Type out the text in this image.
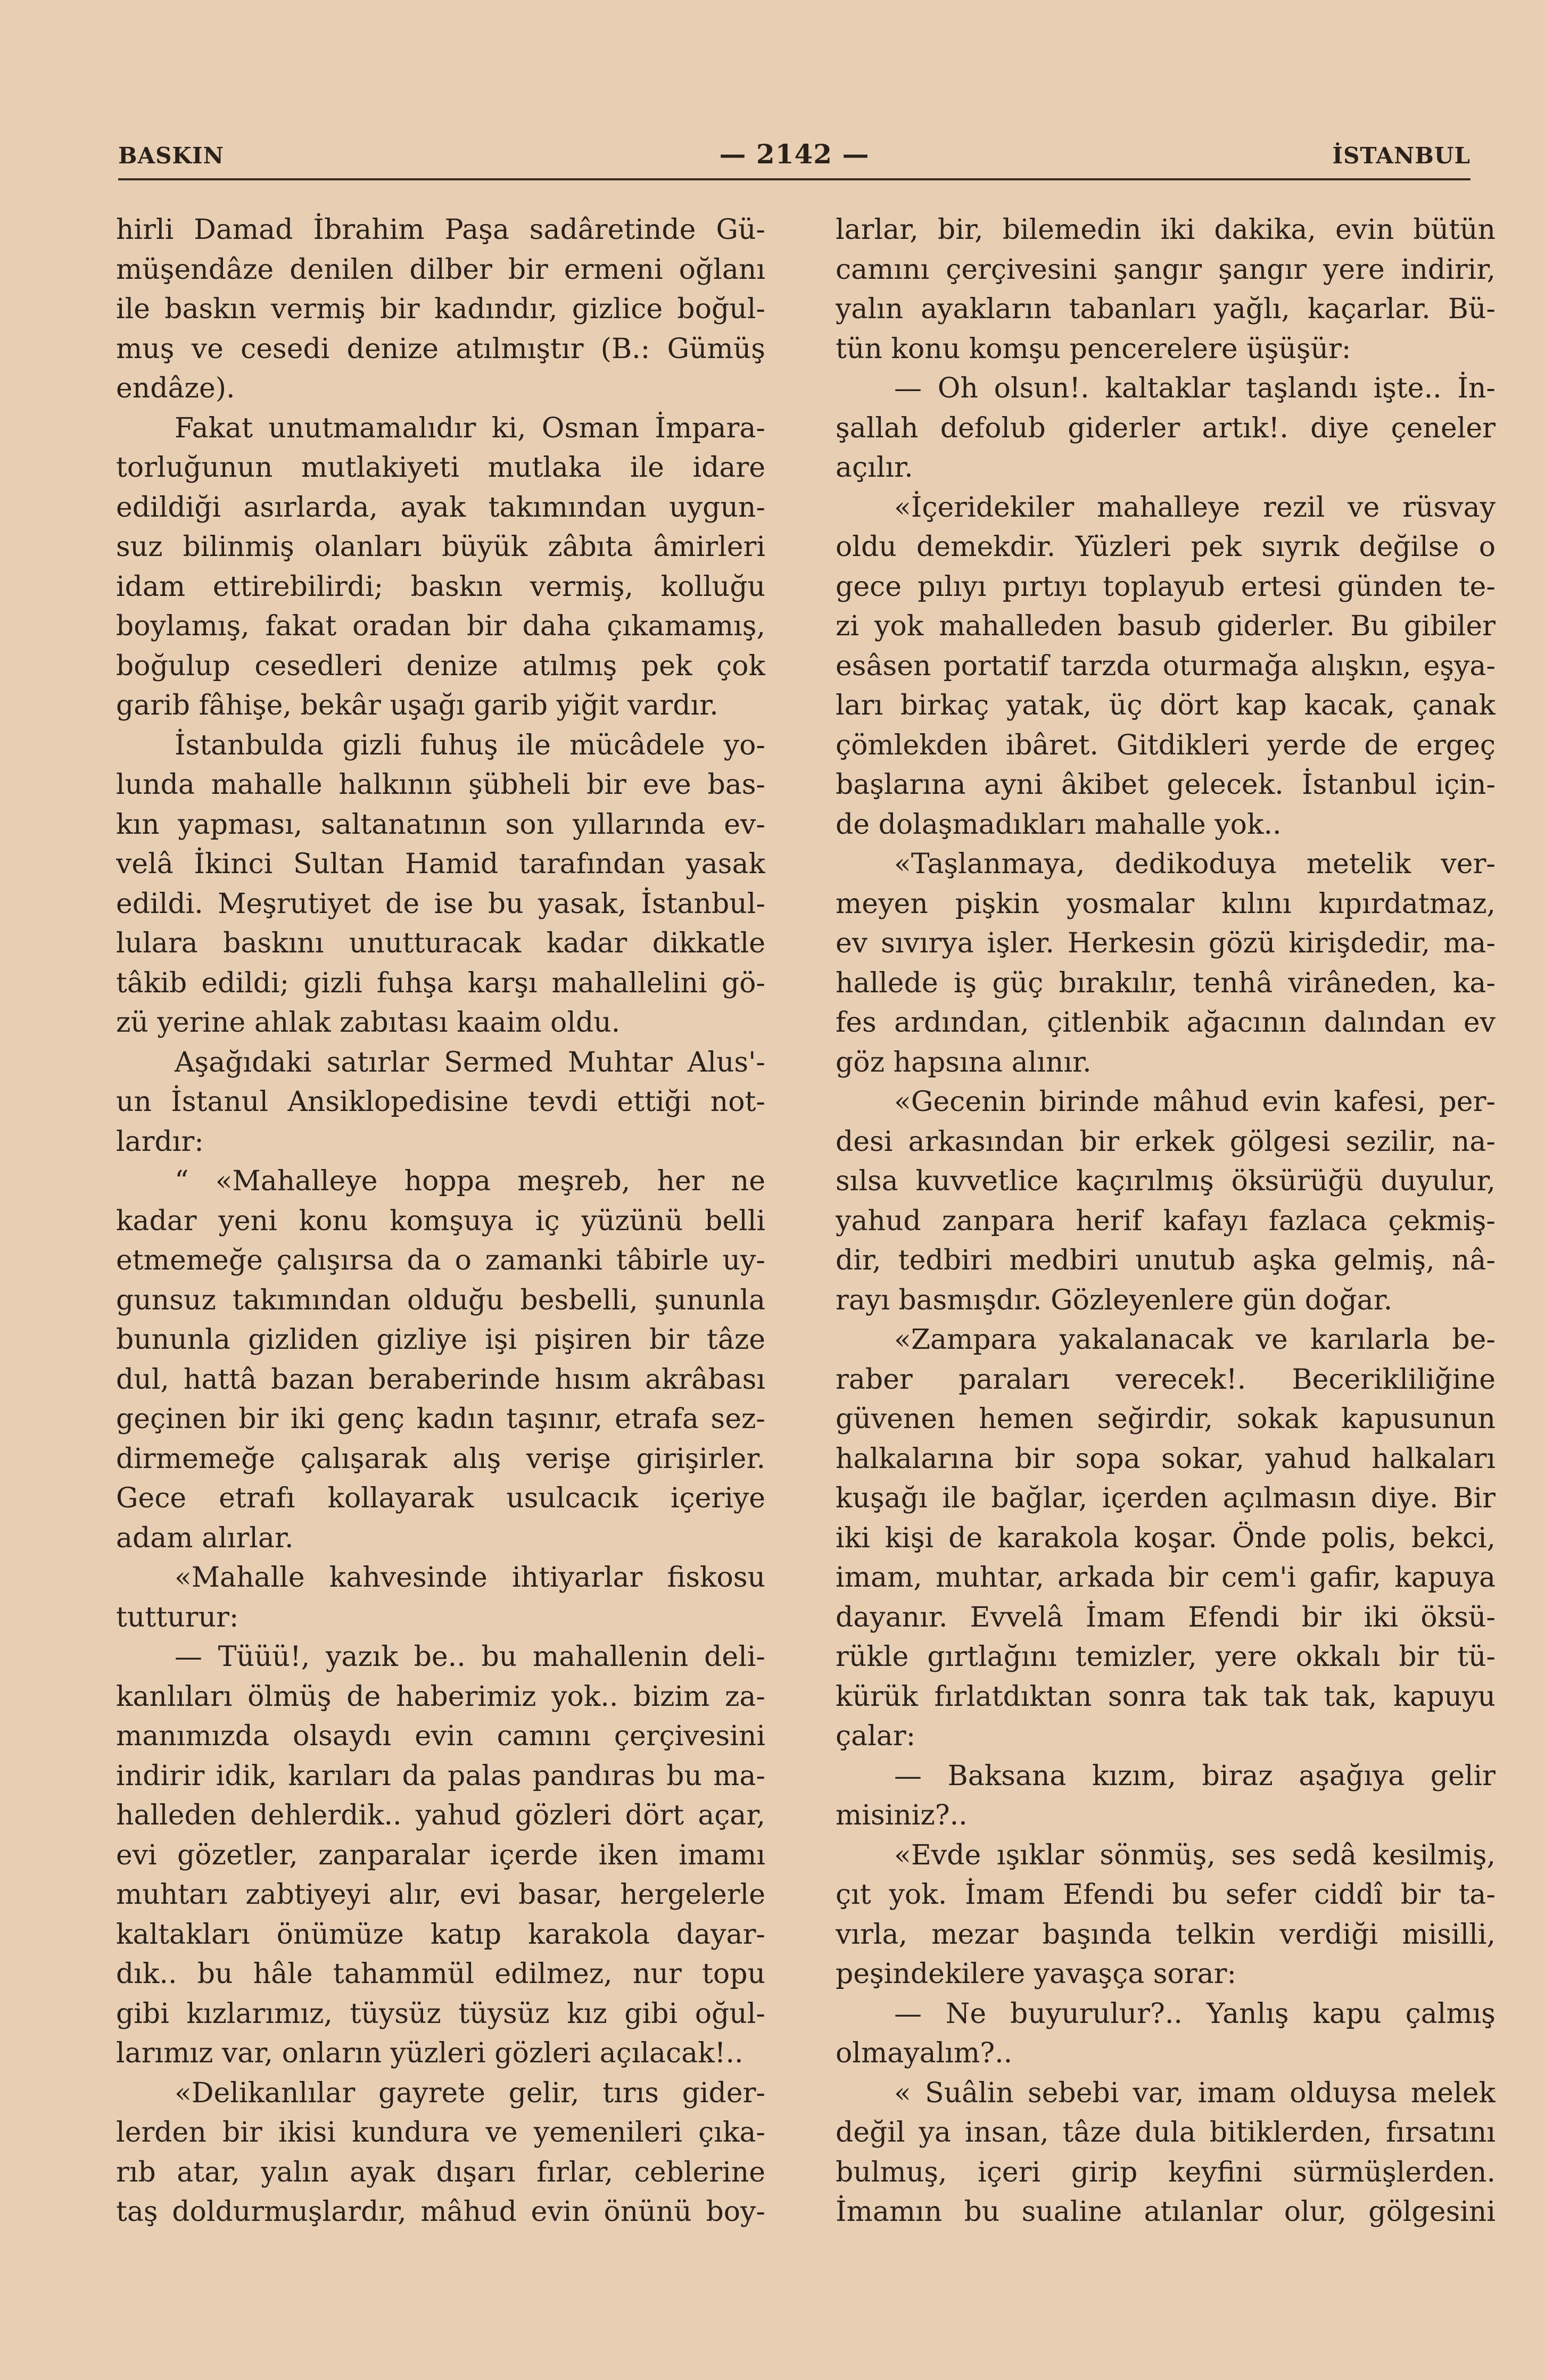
BASKIN	— 2142 —	İSTANBUL
hirli Damad İbrahim Paşa sadâretinde Gü-
müşendâze denilen dilber bir ermeni oğlanı
ile baskın vermiş bir kadındır, gizlice boğul-
muş ve cesedi denize atılmıştır (B.: Gümüş
endâze).
Fakat unutmamalıdır ki, Osman İmpara-
torluğunun mutlakiyeti mutlaka ile idare
edildiği asırlarda, ayak takımından uygun-
suz bilinmiş olanları büyük zâbıta âmirleri
idam ettirebilirdi; baskın vermiş, kolluğu
boylamış, fakat oradan bir daha çıkamamış,
boğulup cesedleri denize atılmış pek çok
garib fâhişe, bekâr uşağı garib yiğit vardır.
İstanbulda gizli fuhuş ile mücâdele yo-
lunda mahalle halkının şübheli bir eve bas-
kın yapması, saltanatının son yıllarında ev-
velâ İkinci Sultan Hamid tarafından yasak
edildi. Meşrutiyet de ise bu yasak, İstanbul-
lulara baskını unutturacak kadar dikkatle
tâkib edildi; gizli fuhşa karşı mahallelini gö-
zü yerine ahlak zabıtası kaaim oldu.
Aşağıdaki satırlar Sermed Muhtar Alus'-
un İstanul Ansiklopedisine tevdi ettiği not-
lardır:
“ «Mahalleye hoppa meşreb, her ne
kadar yeni konu komşuya iç yüzünü belli
etmemeğe çalışırsa da o zamanki tâbirle uy-
gunsuz takımından olduğu besbelli, şununla
bununla gizliden gizliye işi pişiren bir tâze
dul, hattâ bazan beraberinde hısım akrâbası
geçinen bir iki genç kadın taşınır, etrafa sez-
dirmemeğe çalışarak alış verişe girişirler.
Gece etrafı kollayarak usulcacık içeriye
adam alırlar.
«Mahalle kahvesinde ihtiyarlar fiskosu
tutturur:
— Tüüü!, yazık be.. bu mahallenin deli-
kanlıları ölmüş de haberimiz yok.. bizim za-
manımızda olsaydı evin camını çerçivesini
indirir idik, karıları da palas pandıras bu ma-
halleden dehlerdik.. yahud gözleri dört açar,
evi gözetler, zanparalar içerde iken imamı
muhtarı zabtiyeyi alır, evi basar, hergelerle
kaltakları önümüze katıp karakola dayar-
dık.. bu hâle tahammül edilmez, nur topu
gibi kızlarımız, tüysüz tüysüz kız gibi oğul-
larımız var, onların yüzleri gözleri açılacak!..
«Delikanlılar gayrete gelir, tırıs gider-
lerden bir ikisi kundura ve yemenileri çıka-
rıb atar, yalın ayak dışarı fırlar, ceblerine
taş doldurmuşlardır, mâhud evin önünü boy-
larlar, bir, bilemedin iki dakika, evin bütün
camını çerçivesini şangır şangır yere indirir,
yalın ayakların tabanları yağlı, kaçarlar. Bü-
tün konu komşu pencerelere üşüşür:
— Oh olsun!. kaltaklar taşlandı işte.. İn-
şallah defolub giderler artık!. diye çeneler
açılır.
«İçeridekiler mahalleye rezil ve rüsvay
oldu demekdir. Yüzleri pek sıyrık değilse o
gece pılıyı pırtıyı toplayub ertesi günden te-
zi yok mahalleden basub giderler. Bu gibiler
esâsen portatif tarzda oturmağa alışkın, eşya-
ları birkaç yatak, üç dört kap kacak, çanak
çömlekden ibâret. Gitdikleri yerde de ergeç
başlarına ayni âkibet gelecek. İstanbul için-
de dolaşmadıkları mahalle yok..
«Taşlanmaya, dedikoduya metelik ver-
meyen pişkin yosmalar kılını kıpırdatmaz,
ev sıvırya işler. Herkesin gözü kirişdedir, ma-
hallede iş güç bırakılır, tenhâ virâneden, ka-
fes ardından, çitlenbik ağacının dalından ev
göz hapsına alınır.
«Gecenin birinde mâhud evin kafesi, per-
desi arkasından bir erkek gölgesi sezilir, na-
sılsa kuvvetlice kaçırılmış öksürüğü duyulur,
yahud zanpara herif kafayı fazlaca çekmiş-
dir, tedbiri medbiri unutub aşka gelmiş, nâ-
rayı basmışdır. Gözleyenlere gün doğar.
«Zampara yakalanacak ve karılarla be-
raber paraları verecek!. Becerikliliğine
güvenen hemen seğirdir, sokak kapusunun
halkalarına bir sopa sokar, yahud halkaları
kuşağı ile bağlar, içerden açılmasın diye. Bir
iki kişi de karakola koşar. Önde polis, bekci,
imam, muhtar, arkada bir cem'i gafir, kapuya
dayanır. Evvelâ İmam Efendi bir iki öksü-
rükle gırtlağını temizler, yere okkalı bir tü-
kürük fırlatdıktan sonra tak tak tak, kapuyu
çalar:
— Baksana kızım, biraz aşağıya gelir
misiniz?..
«Evde ışıklar sönmüş, ses sedâ kesilmiş,
çıt yok. İmam Efendi bu sefer ciddî bir ta-
vırla, mezar başında telkin verdiği misilli,
peşindekilere yavaşça sorar:
— Ne buyurulur?.. Yanlış kapu çalmış
olmayalım?..
« Suâlin sebebi var, imam olduysa melek
değil ya insan, tâze dula bitiklerden, fırsatını
bulmuş, içeri girip keyfini sürmüşlerden.
İmamın bu sualine atılanlar olur, gölgesini
